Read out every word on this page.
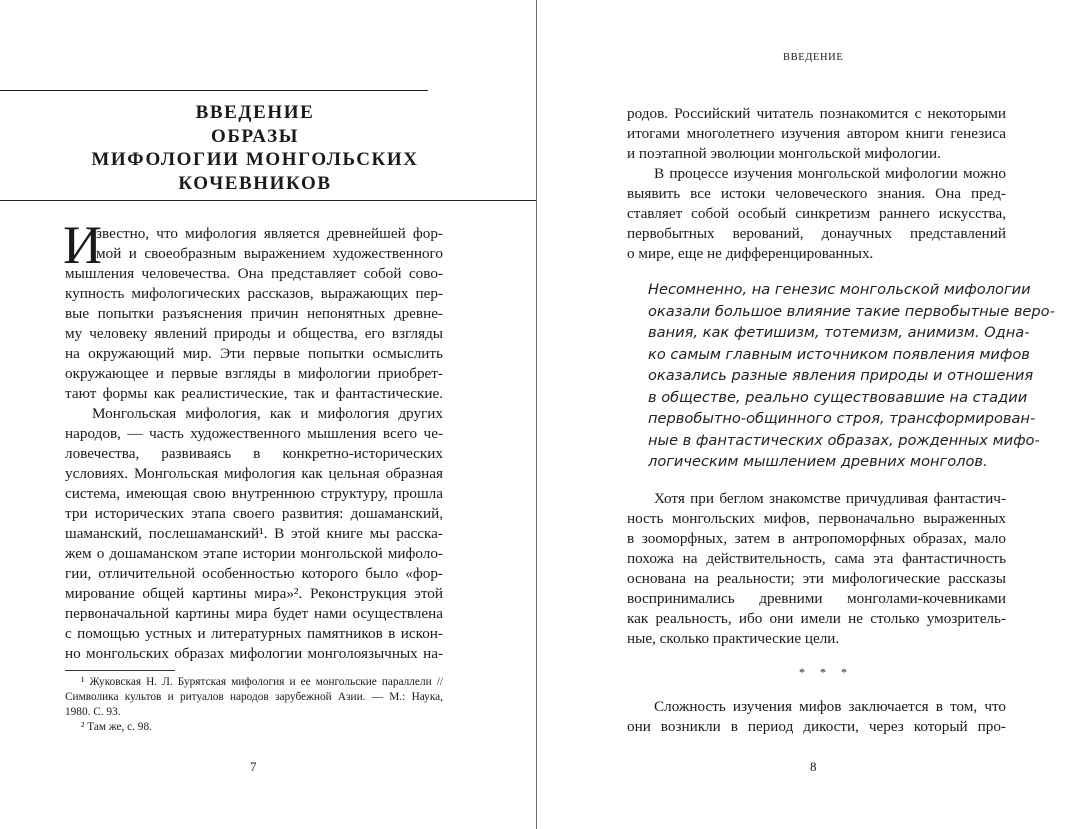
ВВЕДЕНИЕ
ОБРАЗЫ
МИФОЛОГИИ МОНГОЛЬСКИХ
КОЧЕВНИКОВ
И
звестно, что мифология является древнейшей фор-
мой и своеобразным выражением художественного
мышления человечества. Она представляет собой сово-
купность мифологических рассказов, выражающих пер-
вые попытки разъяснения причин непонятных древне-
му человеку явлений природы и общества, его взгляды
на окружающий мир. Эти первые попытки осмыслить
окружающее и первые взгляды в мифологии приобрет-
тают формы как реалистические, так и фантастические.
Монгольская мифология, как и мифология других
народов, — часть художественного мышления всего че-
ловечества, развиваясь в конкретно-исторических
условиях. Монгольская мифология как цельная образная
система, имеющая свою внутреннюю структуру, прошла
три исторических этапа своего развития: дошаманский,
шаманский, послешаманский¹. В этой книге мы расска-
жем о дошаманском этапе истории монгольской мифоло-
гии, отличительной особенностью которого было «фор-
мирование общей картины мира»². Реконструкция этой
первоначальной картины мира будет нами осуществлена
с помощью устных и литературных памятников в искон-
но монгольских образах мифологии монголоязычных на-
¹ Жуковская Н. Л. Бурятская мифология и ее монгольские параллели //
Символика культов и ритуалов народов зарубежной Азии. — М.: Наука,
1980. С. 93.
² Там же, с. 98.
7
ВВЕДЕНИЕ
родов. Российский читатель познакомится с некоторыми
итогами многолетнего изучения автором книги генезиса
и поэтапной эволюции монгольской мифологии.
В процессе изучения монгольской мифологии можно
выявить все истоки человеческого знания. Она пред-
ставляет собой особый синкретизм раннего искусства,
первобытных верований, донаучных представлений
о мире, еще не дифференцированных.
Несомненно, на генезис монгольской мифологии
оказали большое влияние такие первобытные веро-
вания, как фетишизм, тотемизм, анимизм. Одна-
ко самым главным источником появления мифов
оказались разные явления природы и отношения
в обществе, реально существовавшие на стадии
первобытно-общинного строя, трансформирован-
ные в фантастических образах, рожденных мифо-
логическим мышлением древних монголов.
Хотя при беглом знакомстве причудливая фантастич-
ность монгольских мифов, первоначально выраженных
в зооморфных, затем в антропоморфных образах, мало
похожа на действительность, сама эта фантастичность
основана на реальности; эти мифологические рассказы
воспринимались древними монголами-кочевниками
как реальность, ибо они имели не столько умозритель-
ные, сколько практические цели.
* * *
Сложность изучения мифов заключается в том, что
они возникли в период дикости, через который про-
8
